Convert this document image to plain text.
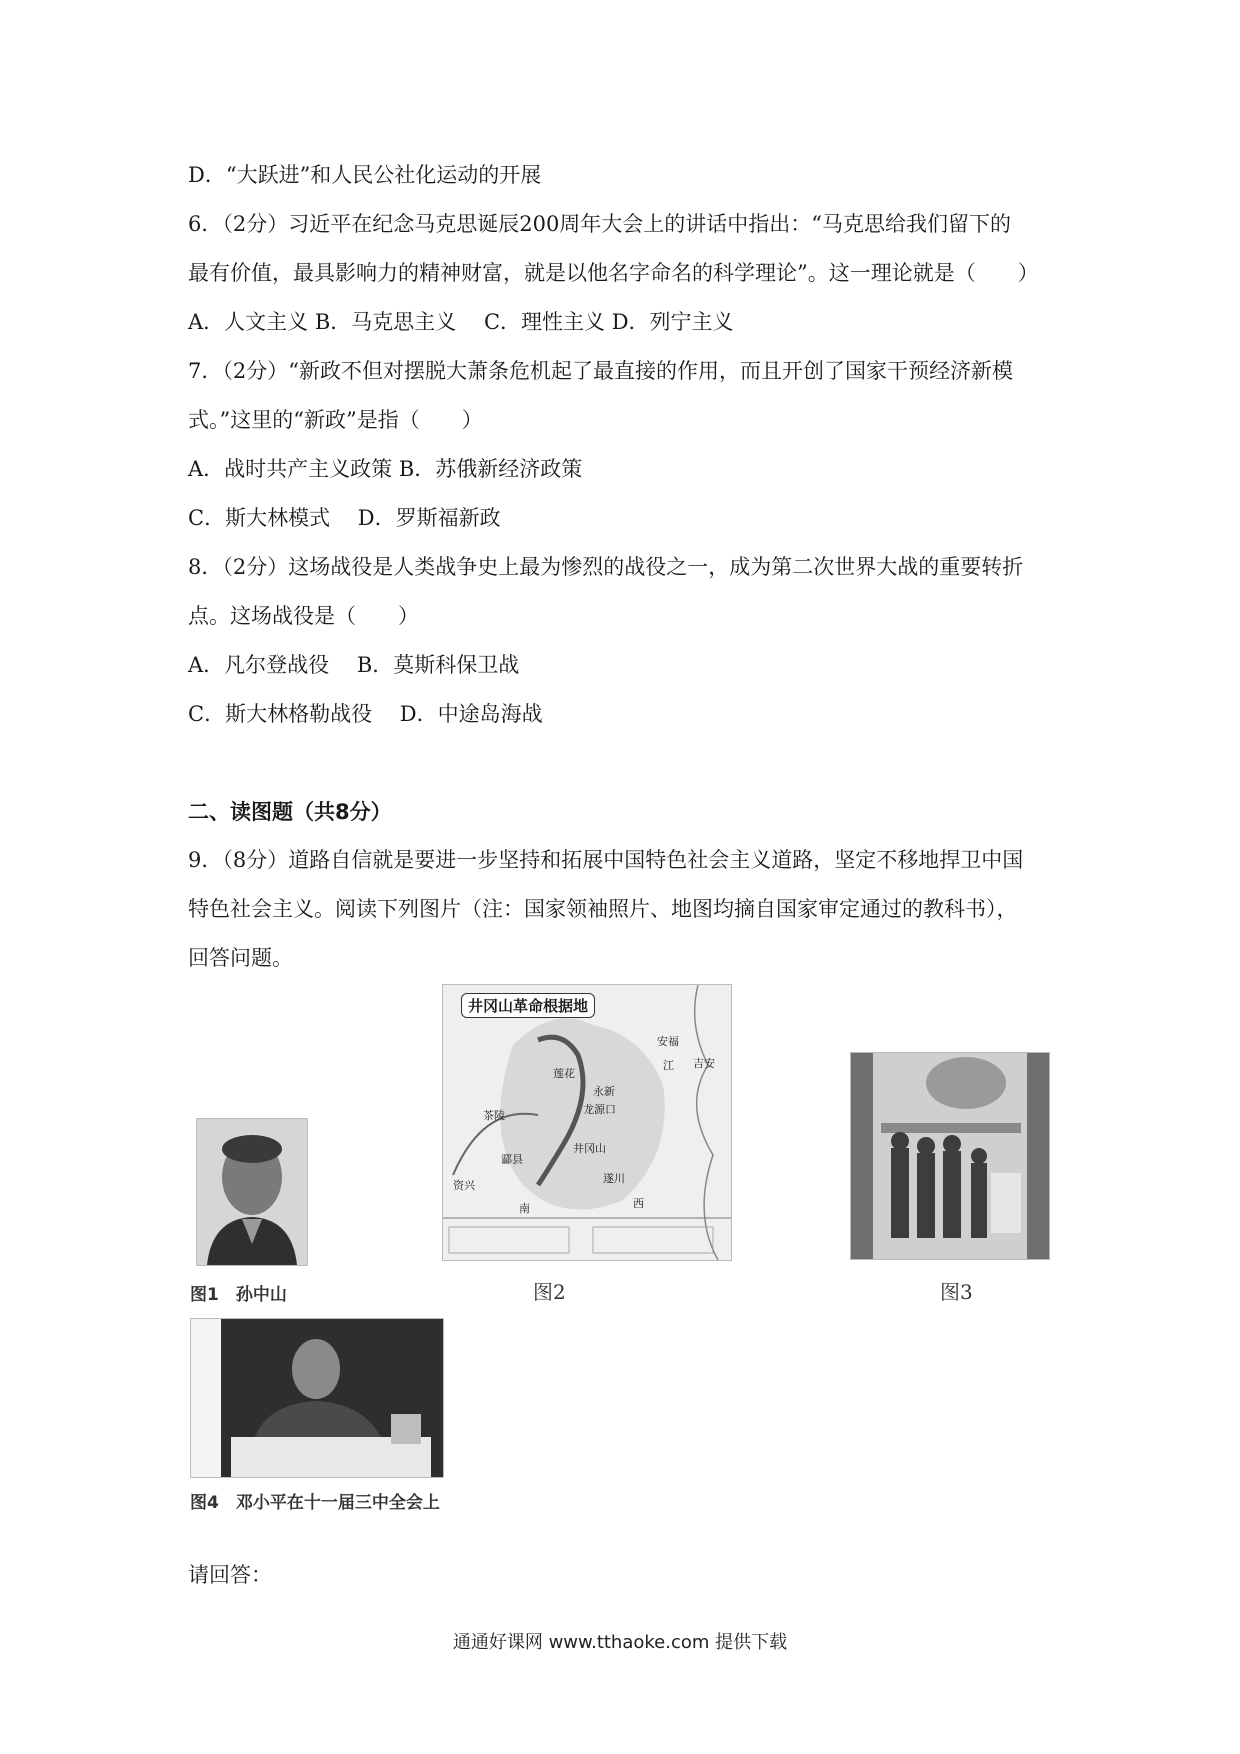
D．“大跃进”和人民公社化运动的开展
6．（2分）习近平在纪念马克思诞辰200周年大会上的讲话中指出：“马克思给我们留下的
最有价值，最具影响力的精神财富，就是以他名字命名的科学理论”。这一理论就是（　　）
A．人文主义 B．马克思主义　 C．理性主义 D．列宁主义
7．（2分）“新政不但对摆脱大萧条危机起了最直接的作用，而且开创了国家干预经济新模
式。”这里的“新政”是指（　　）
A．战时共产主义政策 B．苏俄新经济政策
C．斯大林模式　 D．罗斯福新政
8．（2分）这场战役是人类战争史上最为惨烈的战役之一，成为第二次世界大战的重要转折
点。这场战役是（　　）
A．凡尔登战役　 B．莫斯科保卫战
C．斯大林格勒战役　 D．中途岛海战
二、读图题（共8分）
9．（8分）道路自信就是要进一步坚持和拓展中国特色社会主义道路，坚定不移地捍卫中国
特色社会主义。阅读下列图片（注：国家领袖照片、地图均摘自国家审定通过的教科书），
回答问题。
图1　孙中山
井冈山革命根据地
安福
江 吉安
莲花
永新
龙源口
茶陵
酃县
井冈山
遂川
西
资兴
南
图2	图3
图4　邓小平在十一届三中全会上
请回答：
通通好课网 www.tthaoke.com 提供下载
